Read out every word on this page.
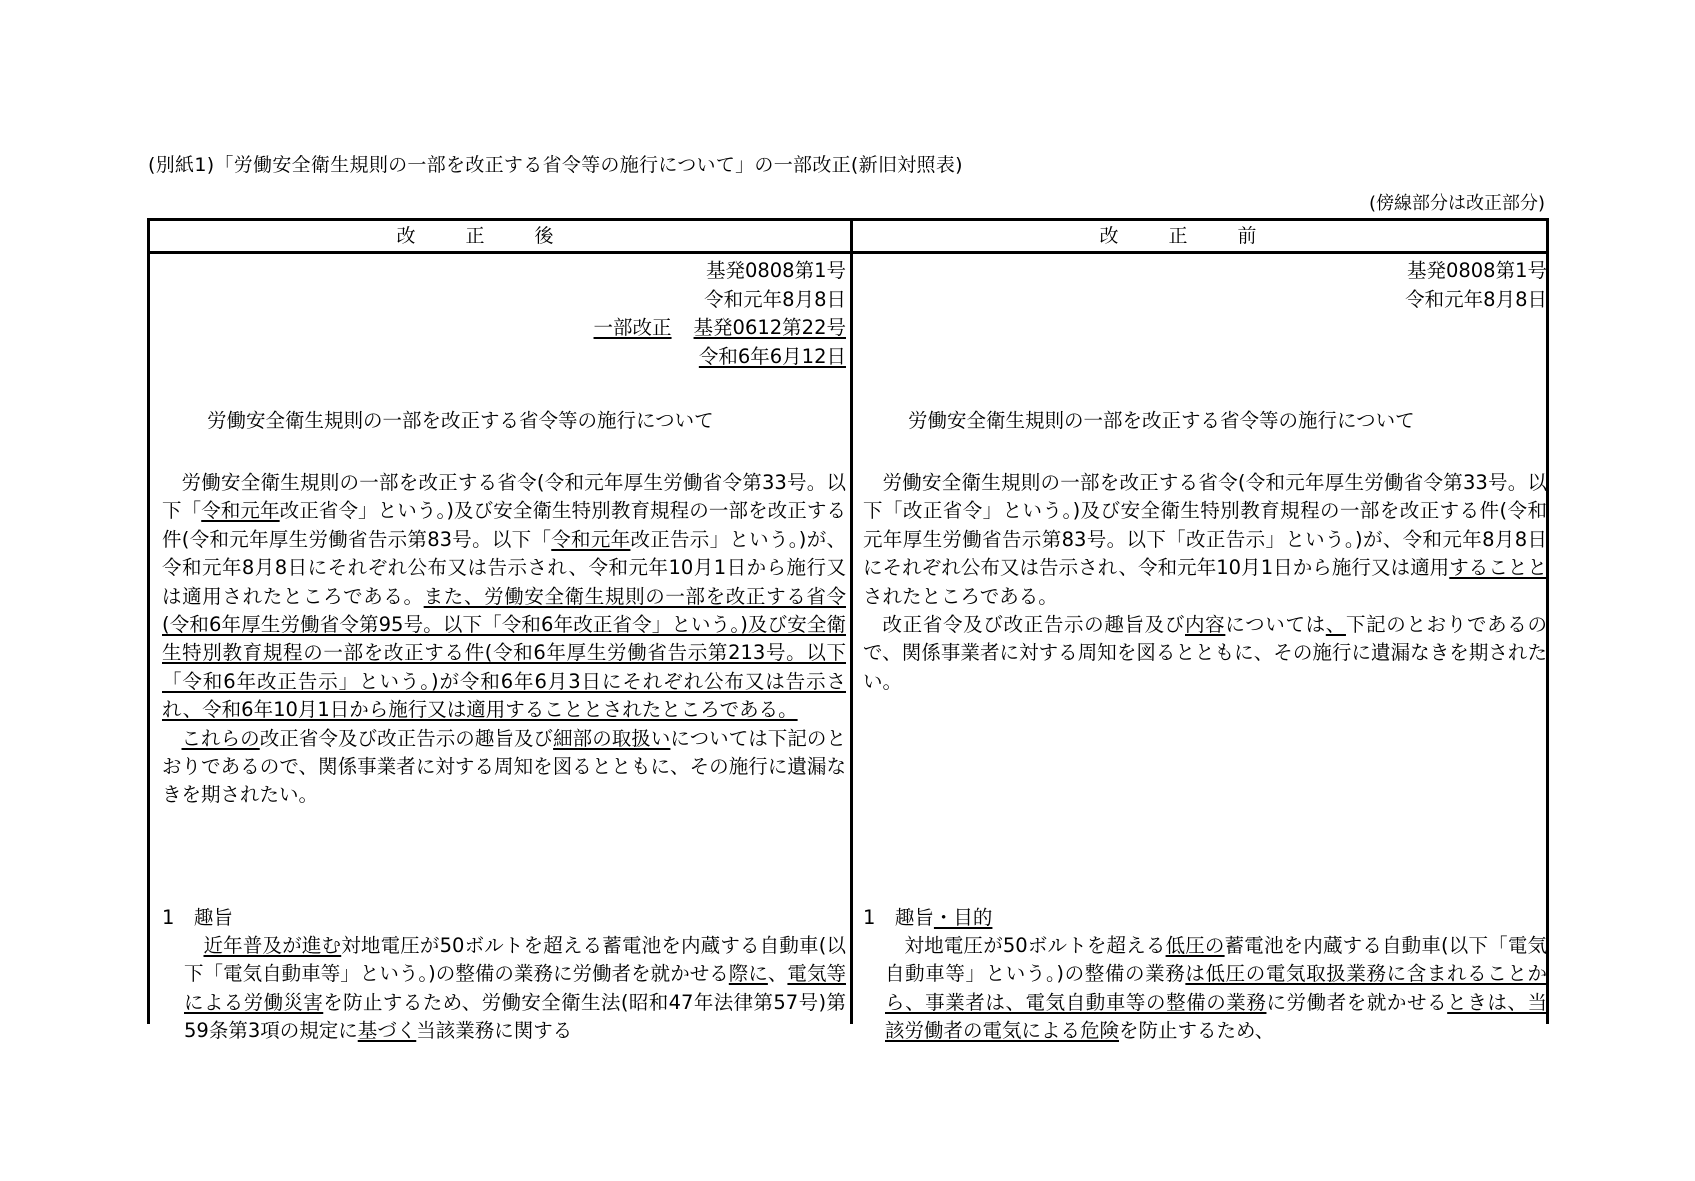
(別紙1)「労働安全衛生規則の一部を改正する省令等の施行について」の一部改正(新旧対照表)
(傍線部分は改正部分)
改正後	改正前
基発0808第1号
令和元年8月8日
一部改正 基発0612第22号
令和6年6月12日
労働安全衛生規則の一部を改正する省令等の施行について

労働安全衛生規則の一部を改正する省令(令和元年厚生労働省令第33号。以下「令和元年改正省令」という。)及び安全衛生特別教育規程の一部を改正する件(令和元年厚生労働省告示第83号。以下「令和元年改正告示」という。)が、令和元年8月8日にそれぞれ公布又は告示され、令和元年10月1日から施行又は適用されたところである。また、労働安全衛生規則の一部を改正する省令(令和6年厚生労働省令第95号。以下「令和6年改正省令」という。)及び安全衛生特別教育規程の一部を改正する件(令和6年厚生労働省告示第213号。以下「令和6年改正告示」という。)が令和6年6月3日にそれぞれ公布又は告示され、令和6年10月1日から施行又は適用することとされたところである。

これらの改正省令及び改正告示の趣旨及び細部の取扱いについては下記のとおりであるので、関係事業者に対する周知を図るとともに、その施行に遺漏なきを期されたい。

1　趣旨

近年普及が進む対地電圧が50ボルトを超える蓄電池を内蔵する自動車(以下「電気自動車等」という。)の整備の業務に労働者を就かせる際に、電気等による労働災害を防止するため、労働安全衛生法(昭和47年法律第57号)第59条第3項の規定に基づく当該業務に関する

基発0808第1号
令和元年8月8日
労働安全衛生規則の一部を改正する省令等の施行について

労働安全衛生規則の一部を改正する省令(令和元年厚生労働省令第33号。以下「改正省令」という。)及び安全衛生特別教育規程の一部を改正する件(令和元年厚生労働省告示第83号。以下「改正告示」という。)が、令和元年8月8日にそれぞれ公布又は告示され、令和元年10月1日から施行又は適用することとされたところである。

改正省令及び改正告示の趣旨及び内容については、下記のとおりであるので、関係事業者に対する周知を図るとともに、その施行に遺漏なきを期されたい。

1　趣旨・目的

対地電圧が50ボルトを超える低圧の蓄電池を内蔵する自動車(以下「電気自動車等」という。)の整備の業務は低圧の電気取扱業務に含まれることから、事業者は、電気自動車等の整備の業務に労働者を就かせるときは、当該労働者の電気による危険を防止するため、
